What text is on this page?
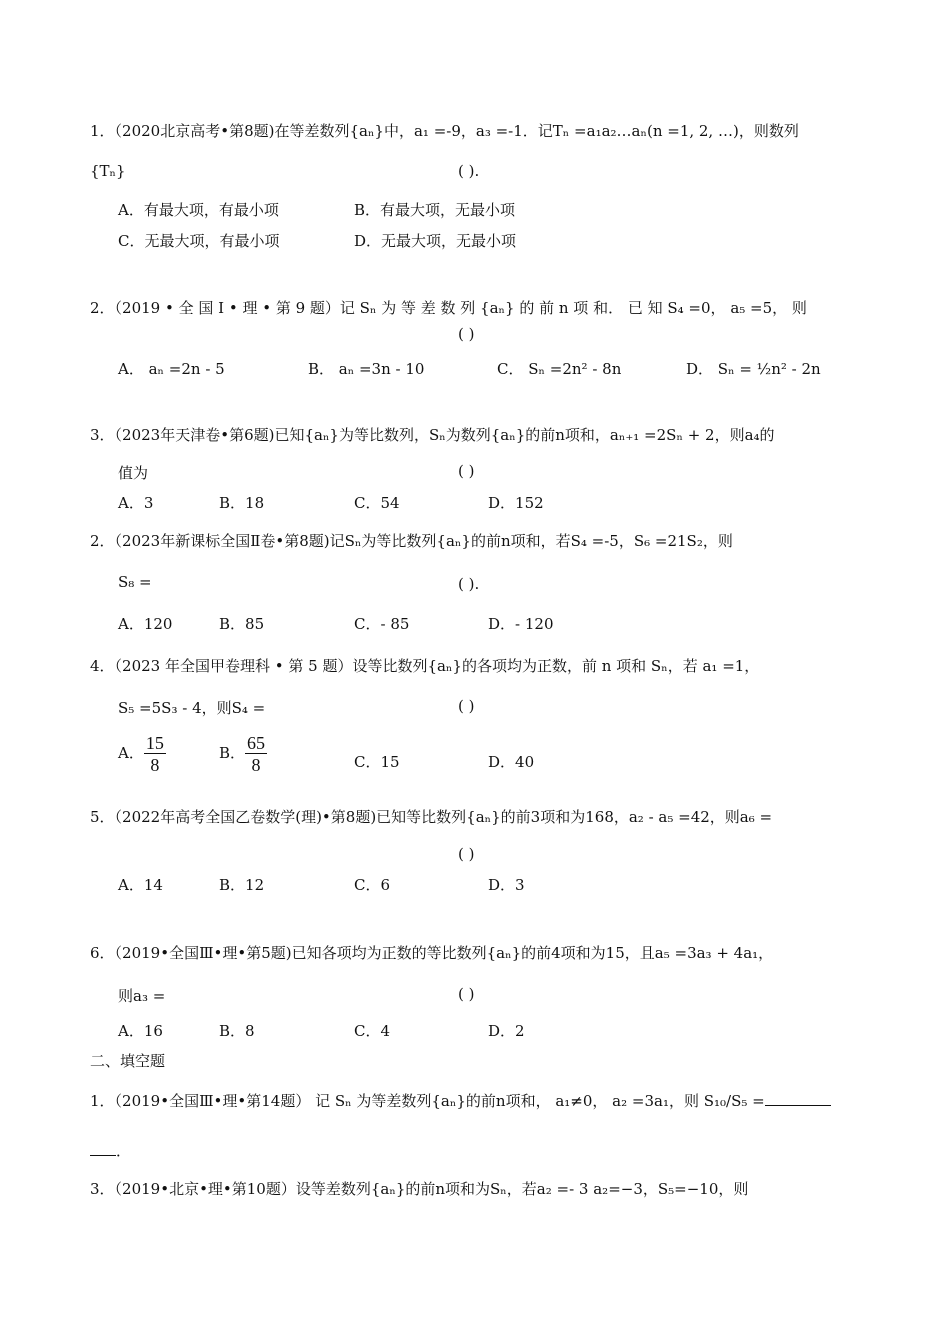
1．（2020北京高考•第8题)在等差数列{aₙ}中，a₁ =-9，a₃ =-1．记Tₙ =a₁a₂…aₙ(n =1, 2, …)，则数列
{Tₙ}	( ).
A．有最大项，有最小项	B．有最大项，无最小项
C．无最大项，有最小项	D．无最大项，无最小项
2．（2019 • 全 国 Ⅰ • 理 • 第 9 题）记 Sₙ 为 等 差 数 列 {aₙ} 的 前 n 项 和． 已 知 S₄ =0， a₅ =5， 则
( )
A． aₙ =2n - 5	B． aₙ =3n - 10	C． Sₙ =2n² - 8n	D． Sₙ = ½n² - 2n
3．（2023年天津卷•第6题)已知{aₙ}为等比数列，Sₙ为数列{aₙ}的前n项和，aₙ₊₁ =2Sₙ + 2，则a₄的
值为	( )
A．3	B．18	C．54	D．152
2．（2023年新课标全国Ⅱ卷•第8题)记Sₙ为等比数列{aₙ}的前n项和，若S₄ =-5，S₆ =21S₂，则
S₈ =	( ).
A．120	B．85	C．- 85	D．- 120
4．（2023 年全国甲卷理科 • 第 5 题）设等比数列{aₙ}的各项均为正数，前 n 项和 Sₙ，若 a₁ =1，
S₅ =5S₃ - 4，则S₄ =	( )
A． $\frac{15}{8}$	B． $\frac{65}{8}$	C．15	D．40
5．（2022年高考全国乙卷数学(理)•第8题)已知等比数列{aₙ}的前3项和为168，a₂ - a₅ =42，则a₆ =
( )
A．14	B．12	C．6	D．3
6．（2019•全国Ⅲ•理•第5题)已知各项均为正数的等比数列{aₙ}的前4项和为15，且a₅ =3a₃ + 4a₁，
则a₃ =	( )
A．16	B．8	C．4	D．2
二、填空题
1．（2019•全国Ⅲ•理•第14题） 记 Sₙ 为等差数列{aₙ}的前n项和， a₁≠0， a₂ =3a₁，则 S₁₀/S₅ =
．
3．（2019•北京•理•第10题）设等差数列{aₙ}的前n项和为Sₙ，若a₂ =- 3 a₂=−3，S₅=−10，则
